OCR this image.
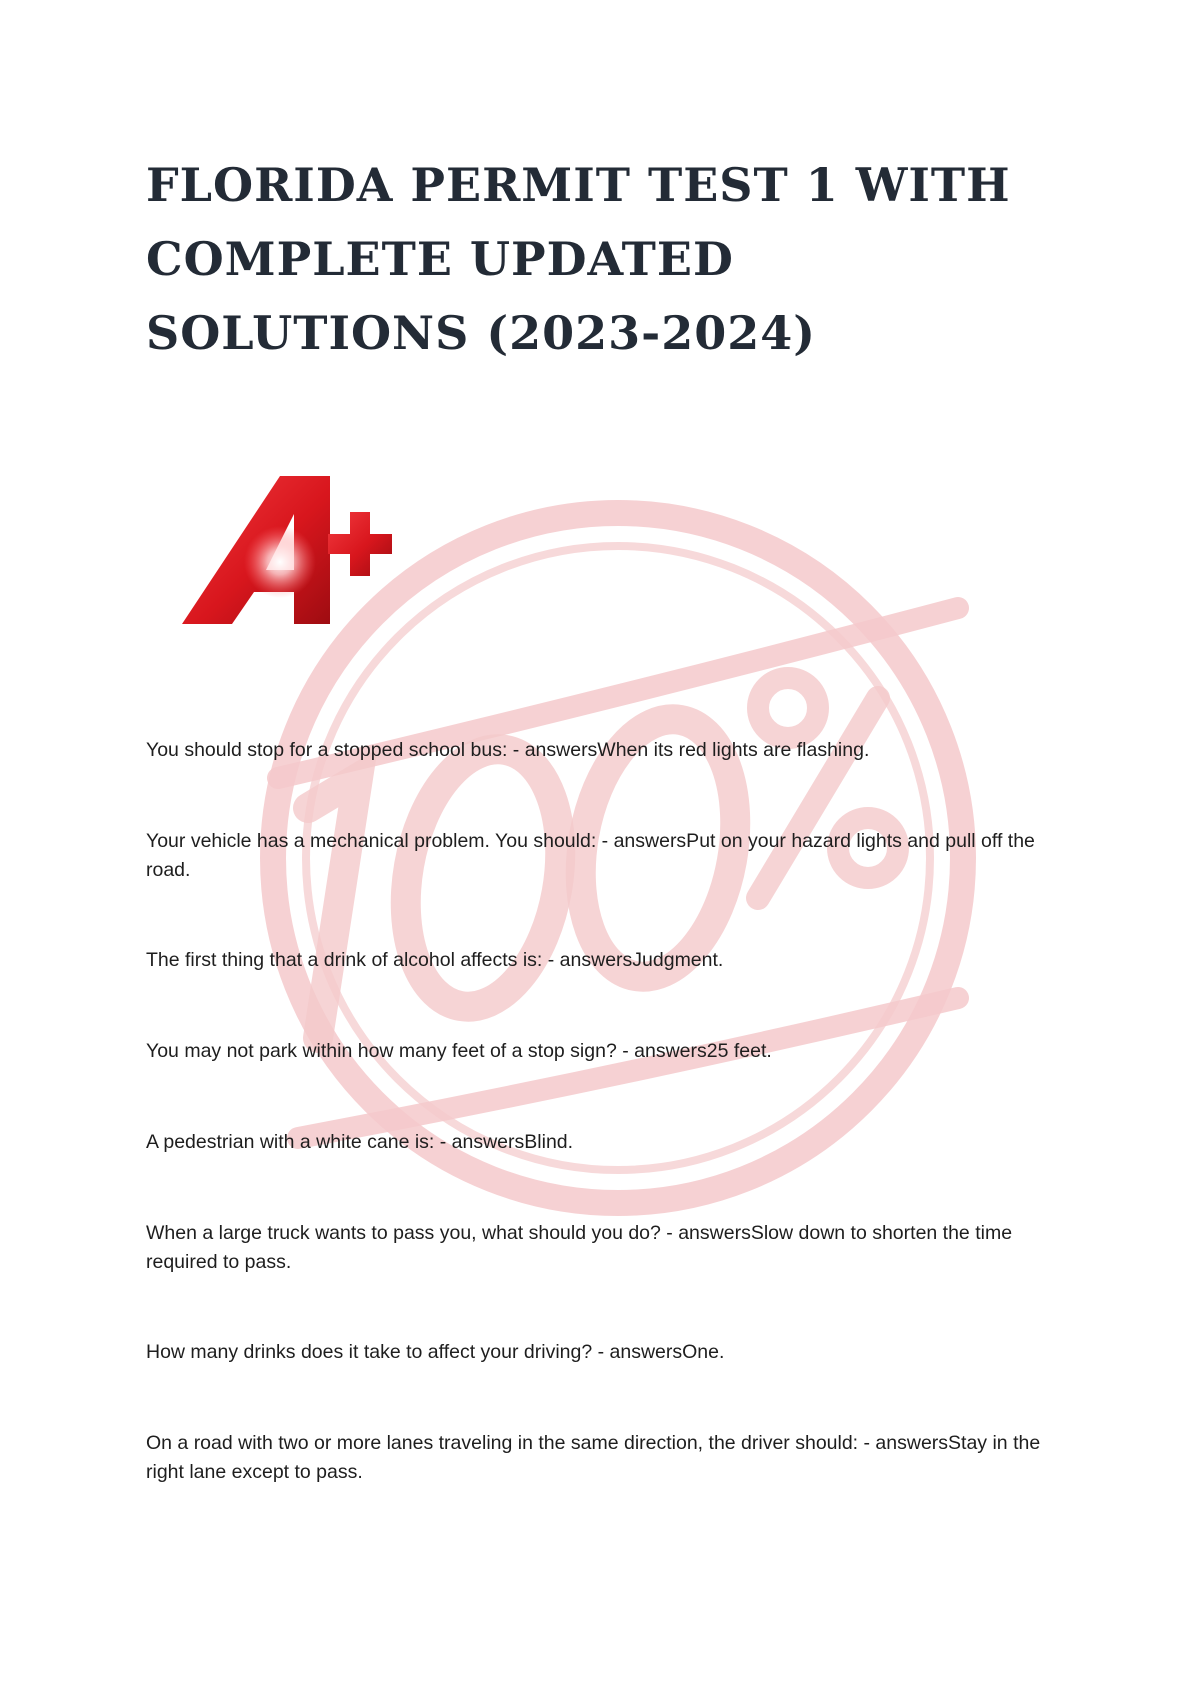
FLORIDA PERMIT TEST 1 WITH COMPLETE UPDATED SOLUTIONS (2023-2024)
You should stop for a stopped school bus: - answersWhen its red lights are flashing.
Your vehicle has a mechanical problem. You should: - answersPut on your hazard lights and pull off the road.
The first thing that a drink of alcohol affects is: - answersJudgment.
You may not park within how many feet of a stop sign? - answers25 feet.
A pedestrian with a white cane is: - answersBlind.
When a large truck wants to pass you, what should you do? - answersSlow down to shorten the time required to pass.
How many drinks does it take to affect your driving? - answersOne.
On a road with two or more lanes traveling in the same direction, the driver should: - answersStay in the right lane except to pass.
